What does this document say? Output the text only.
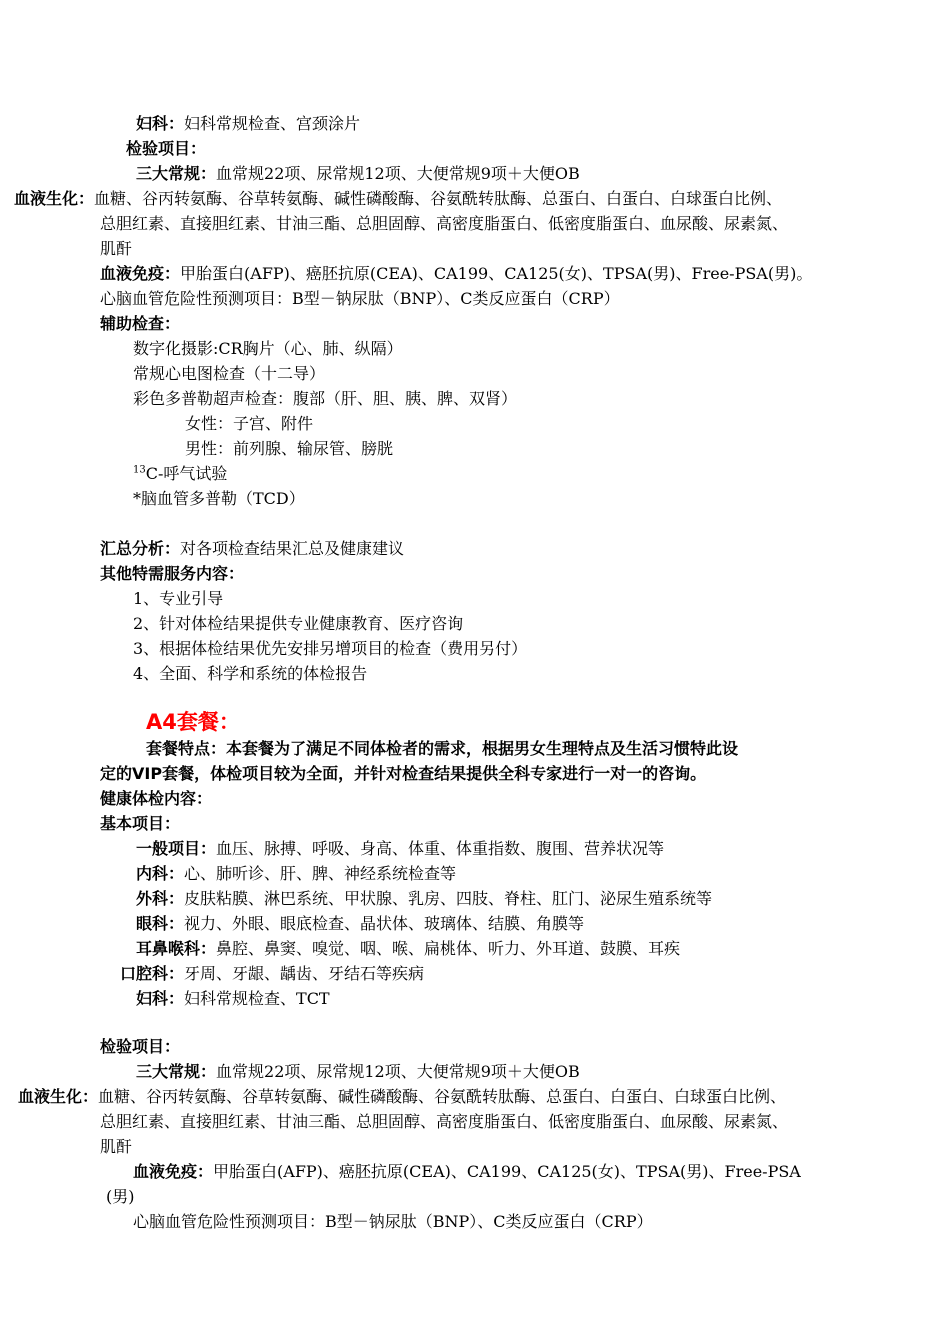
妇科：妇科常规检查、宫颈涂片
检验项目：
三大常规：血常规22项、尿常规12项、大便常规9项＋大便OB
血液生化：血糖、谷丙转氨酶、谷草转氨酶、碱性磷酸酶、谷氨酰转肽酶、总蛋白、白蛋白、白球蛋白比例、
总胆红素、直接胆红素、甘油三酯、总胆固醇、高密度脂蛋白、低密度脂蛋白、血尿酸、尿素氮、
肌酐
血液免疫：甲胎蛋白(AFP)、癌胚抗原(CEA)、CA199、CA125(女)、TPSA(男)、Free-PSA(男)。
心脑血管危险性预测项目：B型－钠尿肽（BNP）、C类反应蛋白（CRP）
辅助检查：
数字化摄影:CR胸片（心、肺、纵隔）
常规心电图检查（十二导）
彩色多普勒超声检查：腹部（肝、胆、胰、脾、双肾）
女性：子宫、附件
男性：前列腺、输尿管、膀胱
$^{13}$C-呼气试验
*脑血管多普勒（TCD）
汇总分析：对各项检查结果汇总及健康建议
其他特需服务内容：
1、专业引导
2、针对体检结果提供专业健康教育、医疗咨询
3、根据体检结果优先安排另增项目的检查（费用另付）
4、全面、科学和系统的体检报告
A4套餐：
套餐特点：本套餐为了满足不同体检者的需求，根据男女生理特点及生活习惯特此设
定的VIP套餐，体检项目较为全面，并针对检查结果提供全科专家进行一对一的咨询。
健康体检内容：
基本项目：
一般项目：血压、脉搏、呼吸、身高、体重、体重指数、腹围、营养状况等
内科：心、肺听诊、肝、脾、神经系统检查等
外科：皮肤粘膜、淋巴系统、甲状腺、乳房、四肢、脊柱、肛门、泌尿生殖系统等
眼科：视力、外眼、眼底检查、晶状体、玻璃体、结膜、角膜等
耳鼻喉科：鼻腔、鼻窦、嗅觉、咽、喉、扁桃体、听力、外耳道、鼓膜、耳疾
口腔科：牙周、牙龈、龋齿、牙结石等疾病
妇科：妇科常规检查、TCT
检验项目：
三大常规：血常规22项、尿常规12项、大便常规9项＋大便OB
血液生化：血糖、谷丙转氨酶、谷草转氨酶、碱性磷酸酶、谷氨酰转肽酶、总蛋白、白蛋白、白球蛋白比例、
总胆红素、直接胆红素、甘油三酯、总胆固醇、高密度脂蛋白、低密度脂蛋白、血尿酸、尿素氮、
肌酐
血液免疫：甲胎蛋白(AFP)、癌胚抗原(CEA)、CA199、CA125(女)、TPSA(男)、Free-PSA
(男)
心脑血管危险性预测项目：B型－钠尿肽（BNP）、C类反应蛋白（CRP）
